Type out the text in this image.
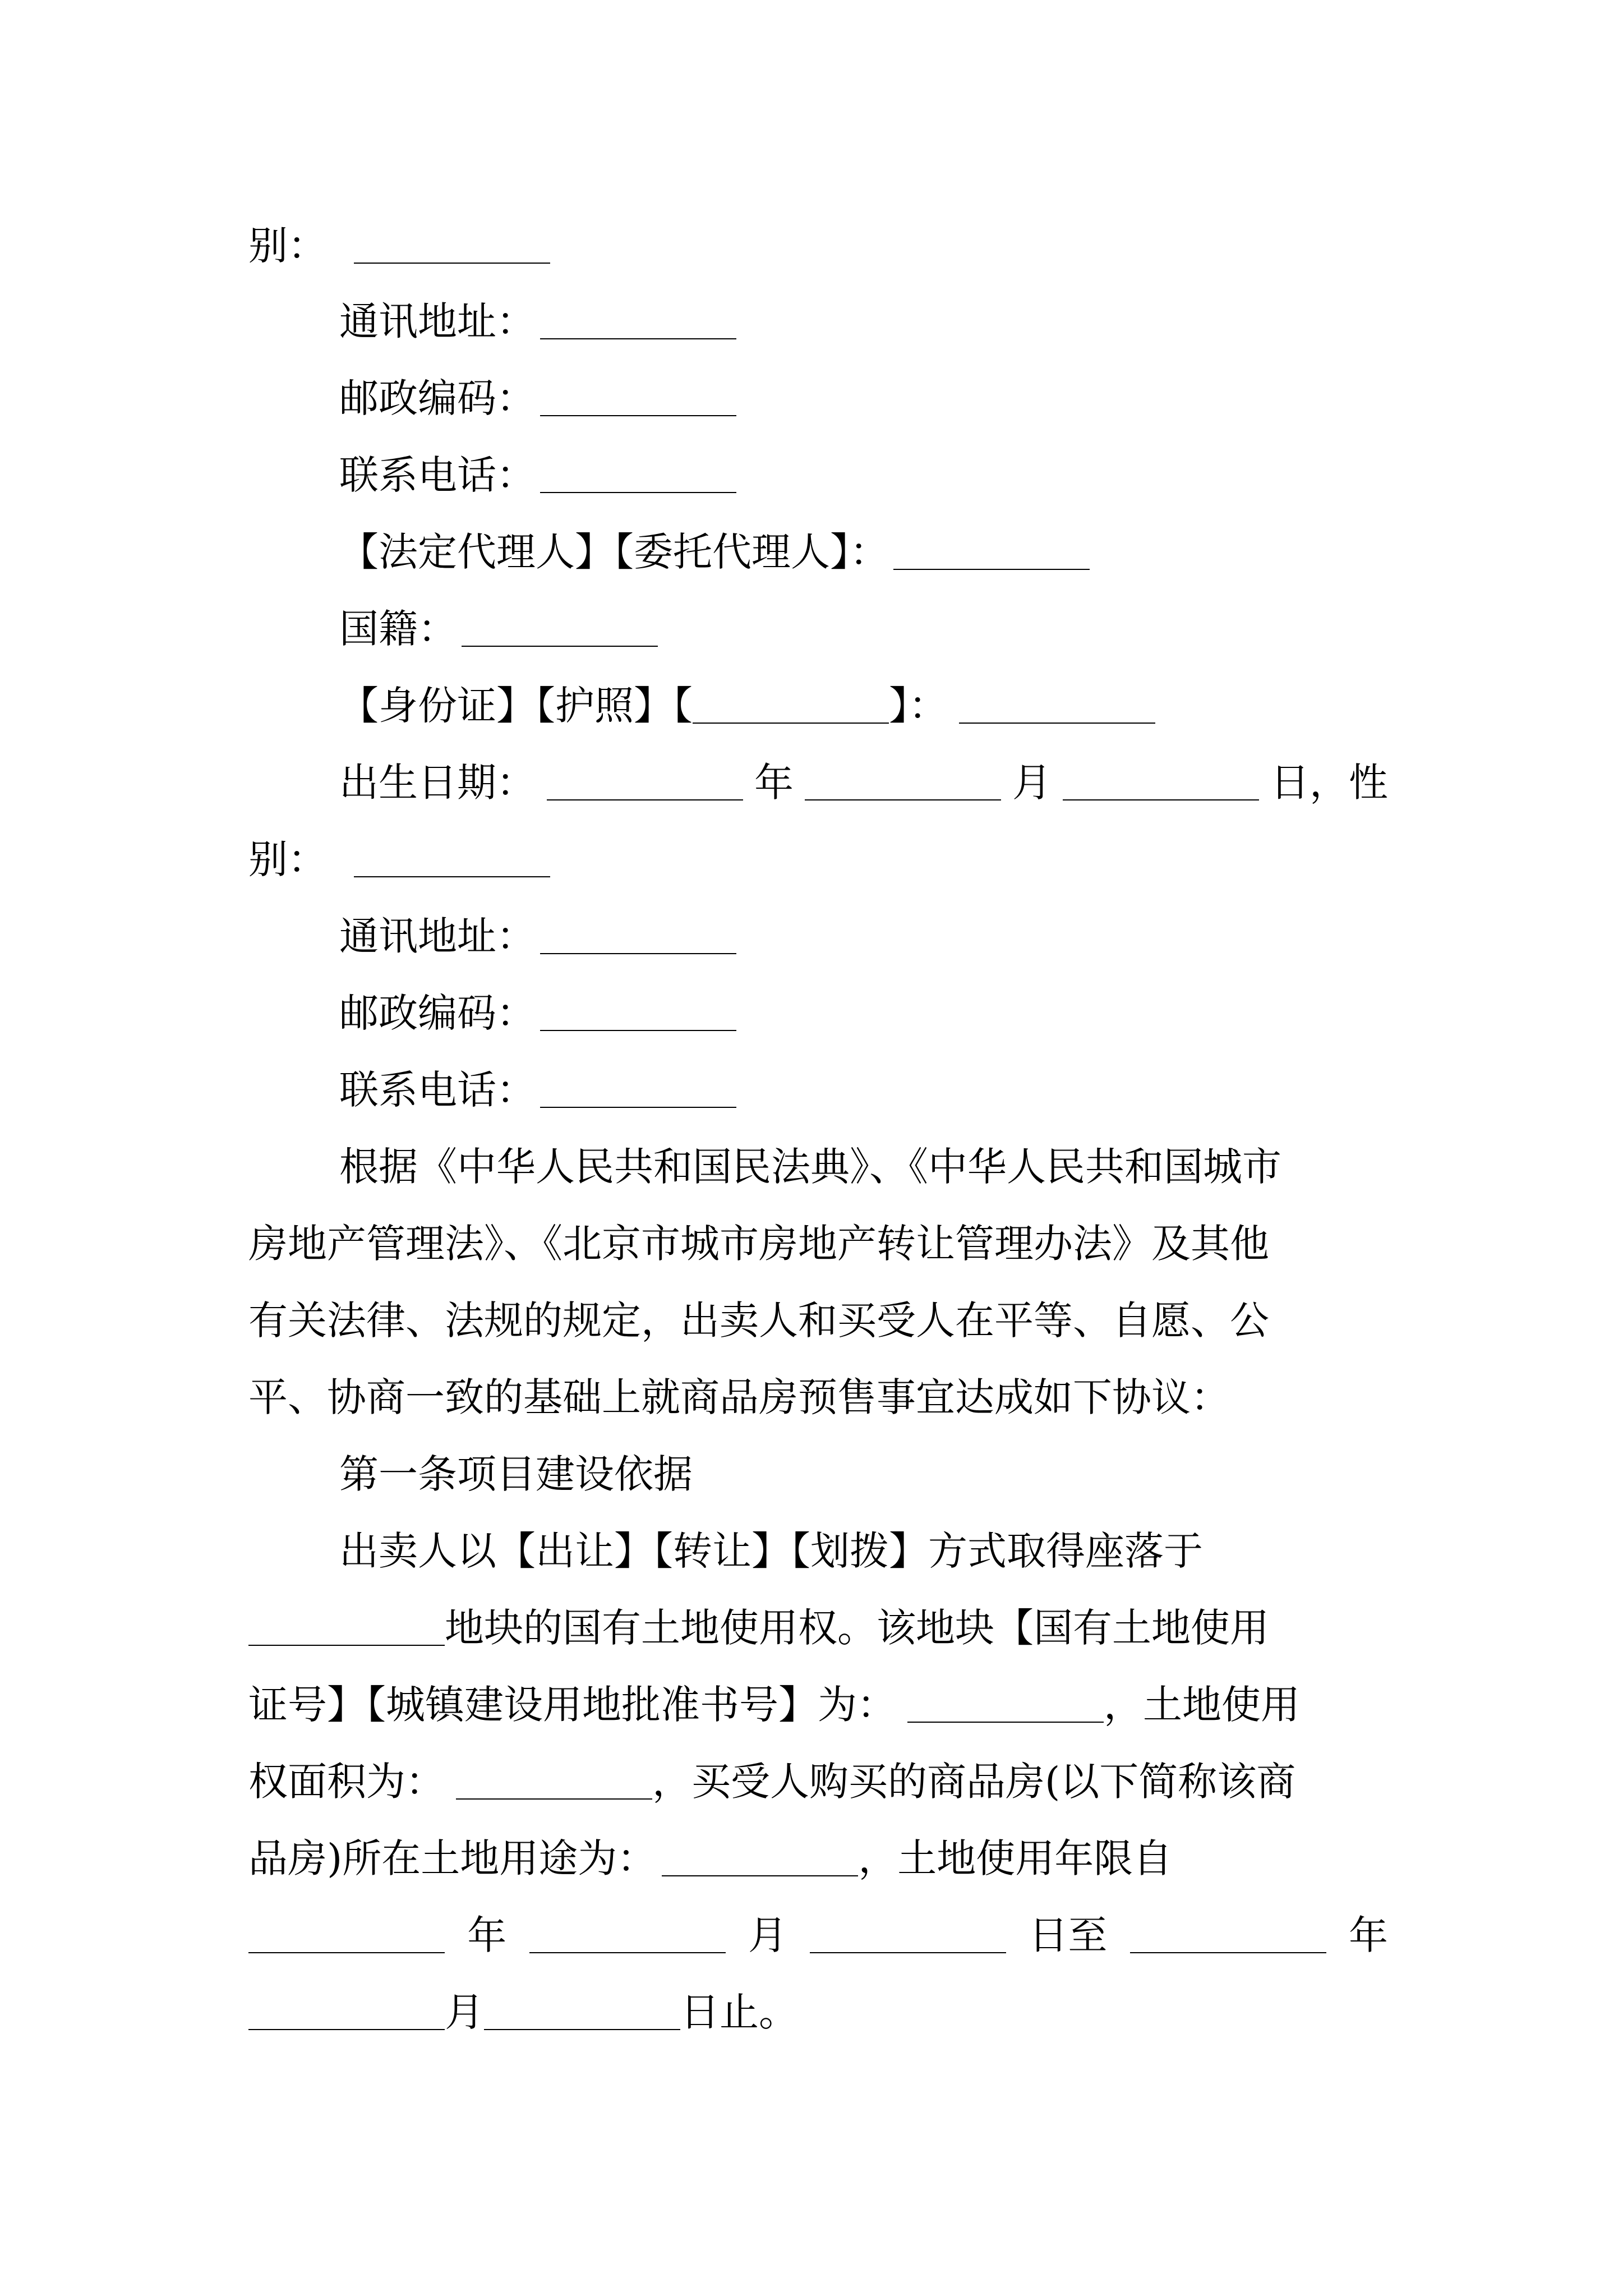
别：
通讯地址：
邮政编码：
联系电话：
【法定代理人】【委托代理人】：
国籍：
【身份证】【护照】【	】：
出生日期：	年	月	日，性
别：
通讯地址：
邮政编码：
联系电话：
根据《中华人民共和国民法典》、《中华人民共和国城市
房地产管理法》、《北京市城市房地产转让管理办法》及其他
有关法律、法规的规定，出卖人和买受人在平等、自愿、公
平、协商一致的基础上就商品房预售事宜达成如下协议：
第一条项目建设依据
出卖人以【出让】【转让】【划拨】方式取得座落于
地块的国有土地使用权。该地块【国有土地使用
证号】【城镇建设用地批准书号】为：	，土地使用
权面积为：	，买受人购买的商品房(以下简称该商
品房)所在土地用途为：	，土地使用年限自
年	月	日至	年
月	日止。
